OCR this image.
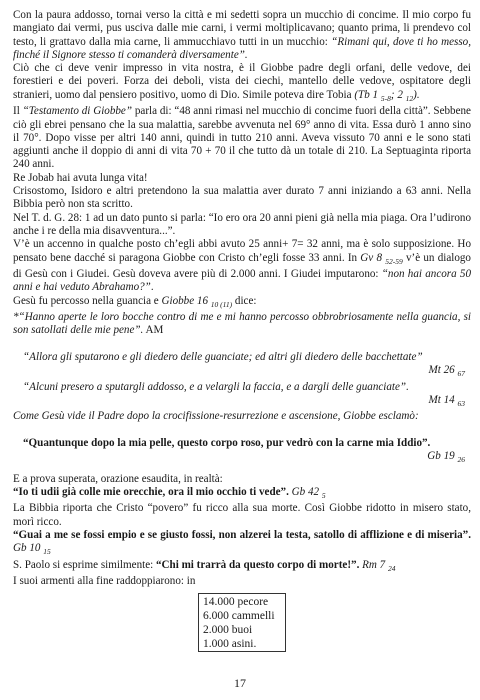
Con la paura addosso, tornai verso la città e mi sedetti sopra un mucchio di concime. Il mio corpo fu mangiato dai vermi, pus usciva dalle mie carni, i vermi moltiplicavano; quanto prima, li prendevo col testo, li grattavo dalla mia carne, li ammucchiavo tutti in un mucchio: “Rimani qui, dove ti ho messo, finché il Signore stesso ti comanderà diversamente”.

Ciò che ci deve venir impresso in vita nostra, è il Giobbe padre degli orfani, delle vedove, dei forestieri e dei poveri. Forza dei deboli, vista dei ciechi, mantello delle vedove, ospitatore degli stranieri, uomo dal pensiero positivo, uomo di Dio. Simile poteva dire Tobia (Tb 1 $_{5-8}$; 2 $_{12}$).

Il “Testamento di Giobbe” parla di: “48 anni rimasi nel mucchio di concime fuori della città”. Sebbene ciò gli ebrei pensano che la sua malattia, sarebbe avvenuta nel 69° anno di vita. Essa durò 1 anno sino il 70°. Dopo visse per altri 140 anni, quindi in tutto 210 anni. Aveva vissuto 70 anni e le sono stati aggiunti anche il doppio di anni di vita 70 + 70 il che tutto dà un totale di 210. La Septuaginta riporta 240 anni.

Re Jobab hai avuta lunga vita!

Crisostomo, Isidoro e altri pretendono la sua malattia aver durato 7 anni iniziando a 63 anni. Nella Bibbia però non sta scritto.

Nel T. d. G. 28: 1 ad un dato punto si parla: “Io ero ora 20 anni pieni già nella mia piaga. Ora l’udirono anche i re della mia disavventura...”.

V’è un accenno in qualche posto ch’egli abbi avuto 25 anni+ 7= 32 anni, ma è solo supposizione. Ho pensato bene dacché si paragona Giobbe con Cristo ch’egli fosse 33 anni. In Gv 8 $_{52-59}$ v’è un dialogo di Gesù con i Giudei. Gesù doveva avere più di 2.000 anni. I Giudei imputarono: “non hai ancora 50 anni e hai veduto Abrahamo?”.

Gesù fu percosso nella guancia e Giobbe 16 $_{10 (11)}$ dice:

*“Hanno aperte le loro bocche contro di me e mi hanno percosso obbrobriosamente nella guancia, si son satollati delle mie pene”. AM

“Allora gli sputarono e gli diedero delle guanciate; ed altri gli diedero delle bacchettate”

Mt 26 $_{67}$

“Alcuni presero a sputargli addosso, e a velargli la faccia, e a dargli delle guanciate”.

Mt 14 $_{63}$

Come Gesù vide il Padre dopo la crocifissione-resurrezione e ascensione, Giobbe esclamò:

“Quantunque dopo la mia pelle, questo corpo roso, pur vedrò con la carne mia Iddio”.

Gb 19 $_{26}$

E a prova superata, orazione esaudita, in realtà:

“Io ti udii già colle mie orecchie, ora il mio occhio ti vede”. Gb 42 $_5$

La Bibbia riporta che Cristo “povero” fu ricco alla sua morte. Così Giobbe ridotto in misero stato, morì ricco.

“Guai a me se fossi empio e se giusto fossi, non alzerei la testa, satollo di afflizione e di miseria”. Gb 10 $_{15}$

S. Paolo si esprime similmente: “Chi mi trarrà da questo corpo di morte!”. Rm 7 $_{24}$

I suoi armenti alla fine raddoppiarono: in

14.000 pecore
6.000 cammelli
2.000 buoi
1.000 asini.
17
